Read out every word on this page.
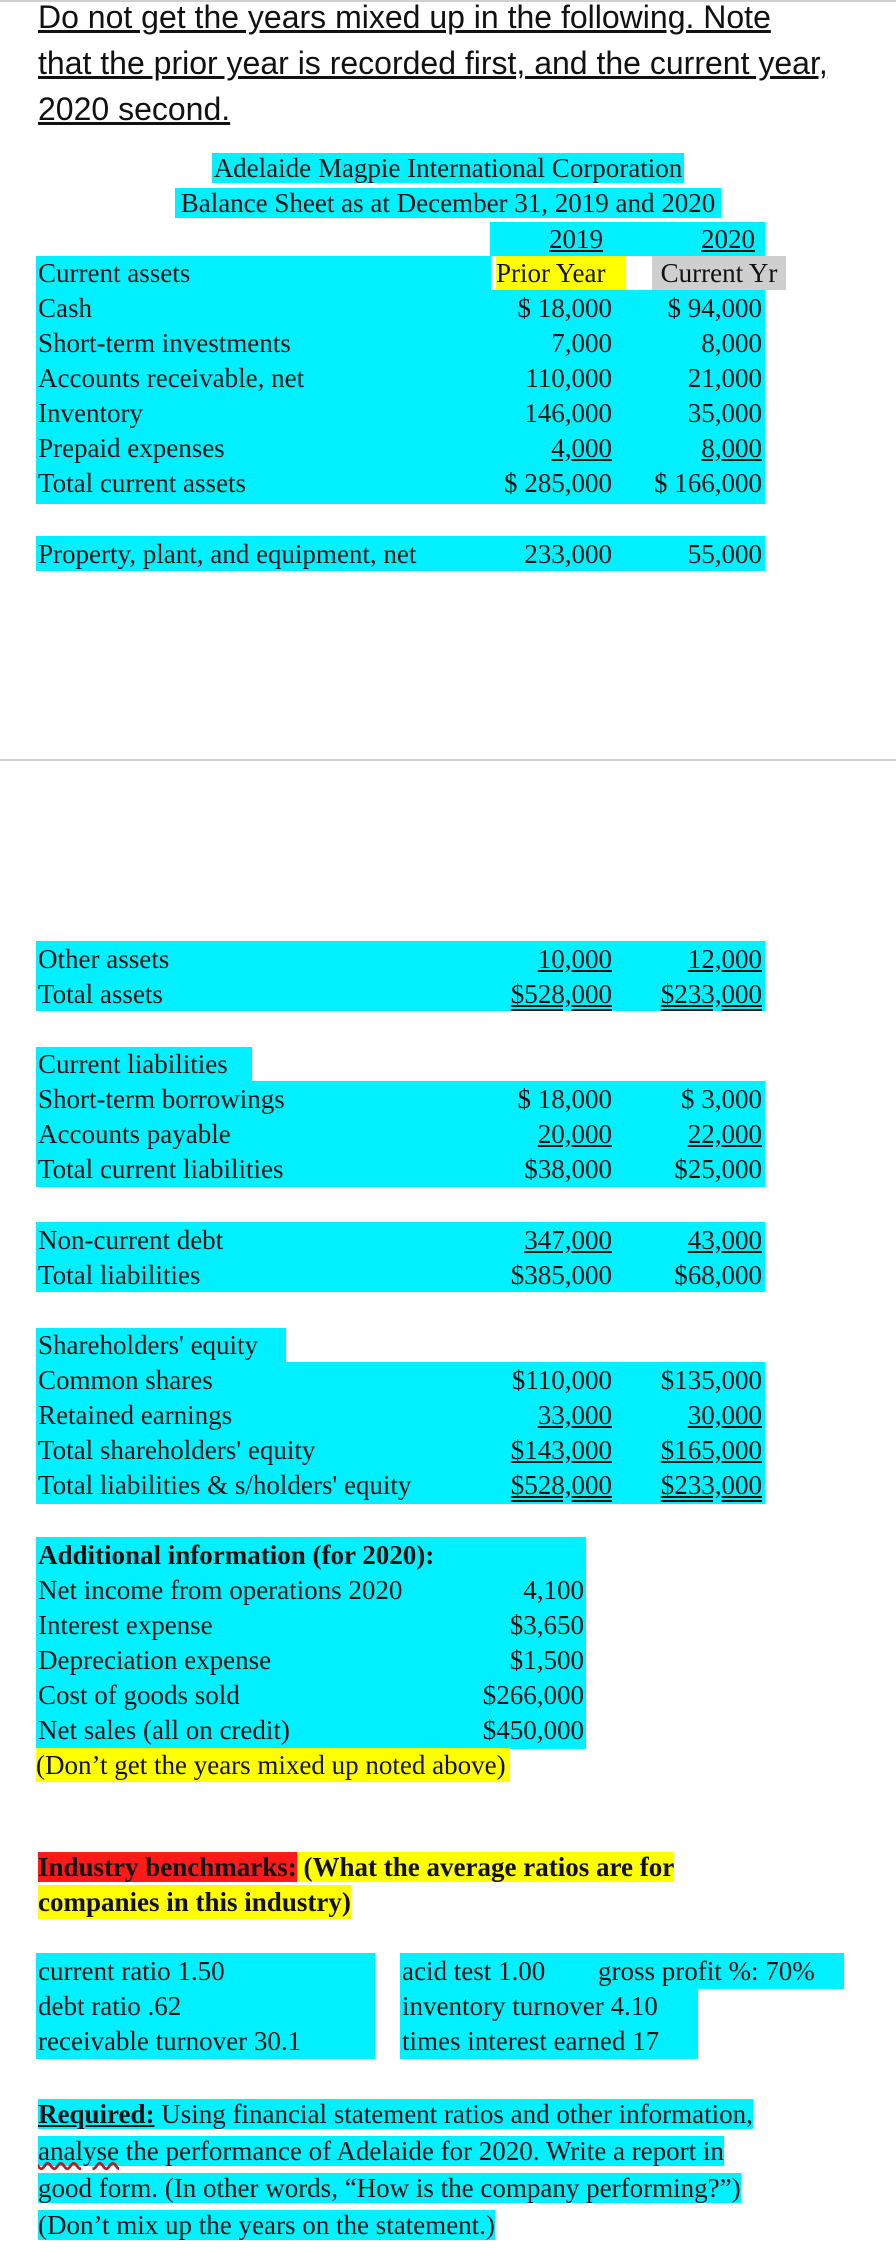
Do not get the years mixed up in the following. Note
that the prior year is recorded first, and the current year,
2020 second.
Adelaide Magpie International Corporation
Balance Sheet as at December 31, 2019 and 2020
2019	2020
Prior Year	Current Yr
Current assets
Cash	$ 18,000	$ 94,000
Short-term investments	7,000	8,000
Accounts receivable, net	110,000	21,000
Inventory	146,000	35,000
Prepaid expenses	4,000	8,000
Total current assets	$ 285,000	$ 166,000
Property, plant, and equipment, net	233,000	55,000
Other assets	10,000	12,000
Total assets	$528,000	$233,000
Current liabilities
Short-term borrowings	$ 18,000	$ 3,000
Accounts payable	20,000	22,000
Total current liabilities	$38,000	$25,000
Non-current debt	347,000	43,000
Total liabilities	$385,000	$68,000
Shareholders' equity
Common shares	$110,000	$135,000
Retained earnings	33,000	30,000
Total shareholders' equity	$143,000	$165,000
Total liabilities & s/holders' equity	$528,000	$233,000
Additional information (for 2020):
Net income from operations 2020	4,100
Interest expense	$3,650
Depreciation expense	$1,500
Cost of goods sold	$266,000
Net sales (all on credit)	$450,000
(Don’t get the years mixed up noted above)
Industry benchmarks: (What the average ratios are for
companies in this industry)
current ratio 1.50
debt ratio .62
receivable turnover 30.1
acid test 1.00 gross profit %: 70%
inventory turnover 4.10
times interest earned 17
Required: Using financial statement ratios and other information,
analyse the performance of Adelaide for 2020. Write a report in
good form. (In other words, “How is the company performing?”)
(Don’t mix up the years on the statement.)
